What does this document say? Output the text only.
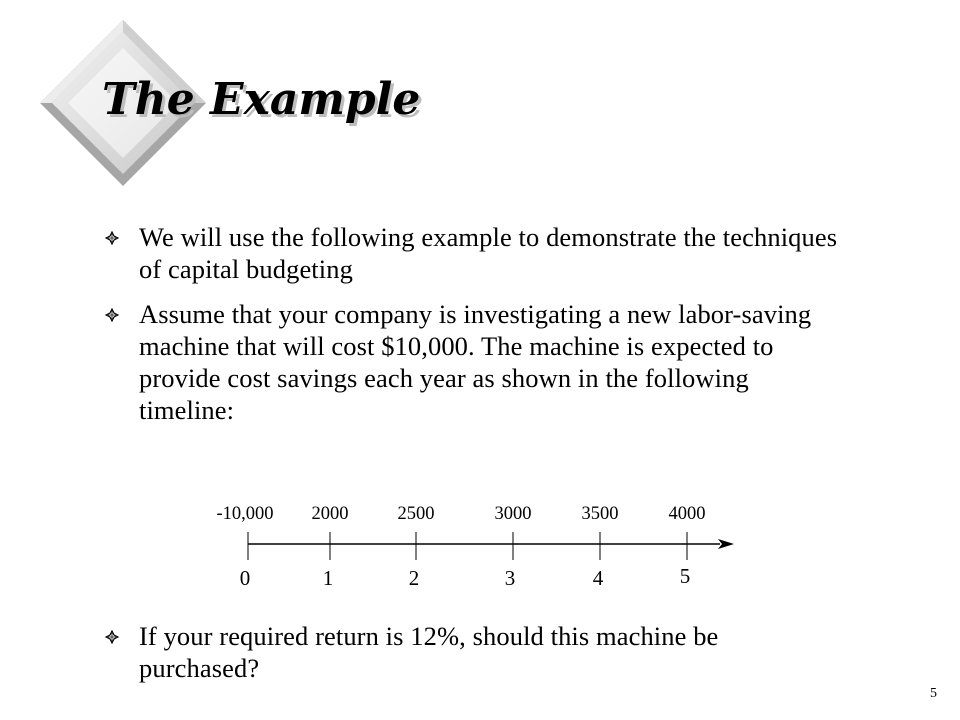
The Example
We will use the following example to demonstrate the techniques of capital budgeting
Assume that your company is investigating a new labor-saving machine that will cost $10,000. The machine is expected to provide cost savings each year as shown in the following timeline:
-10,000 2000	2500	3000	3500	4000
0	1	2	3	4	5
If your required return is 12%, should this machine be purchased?
5
